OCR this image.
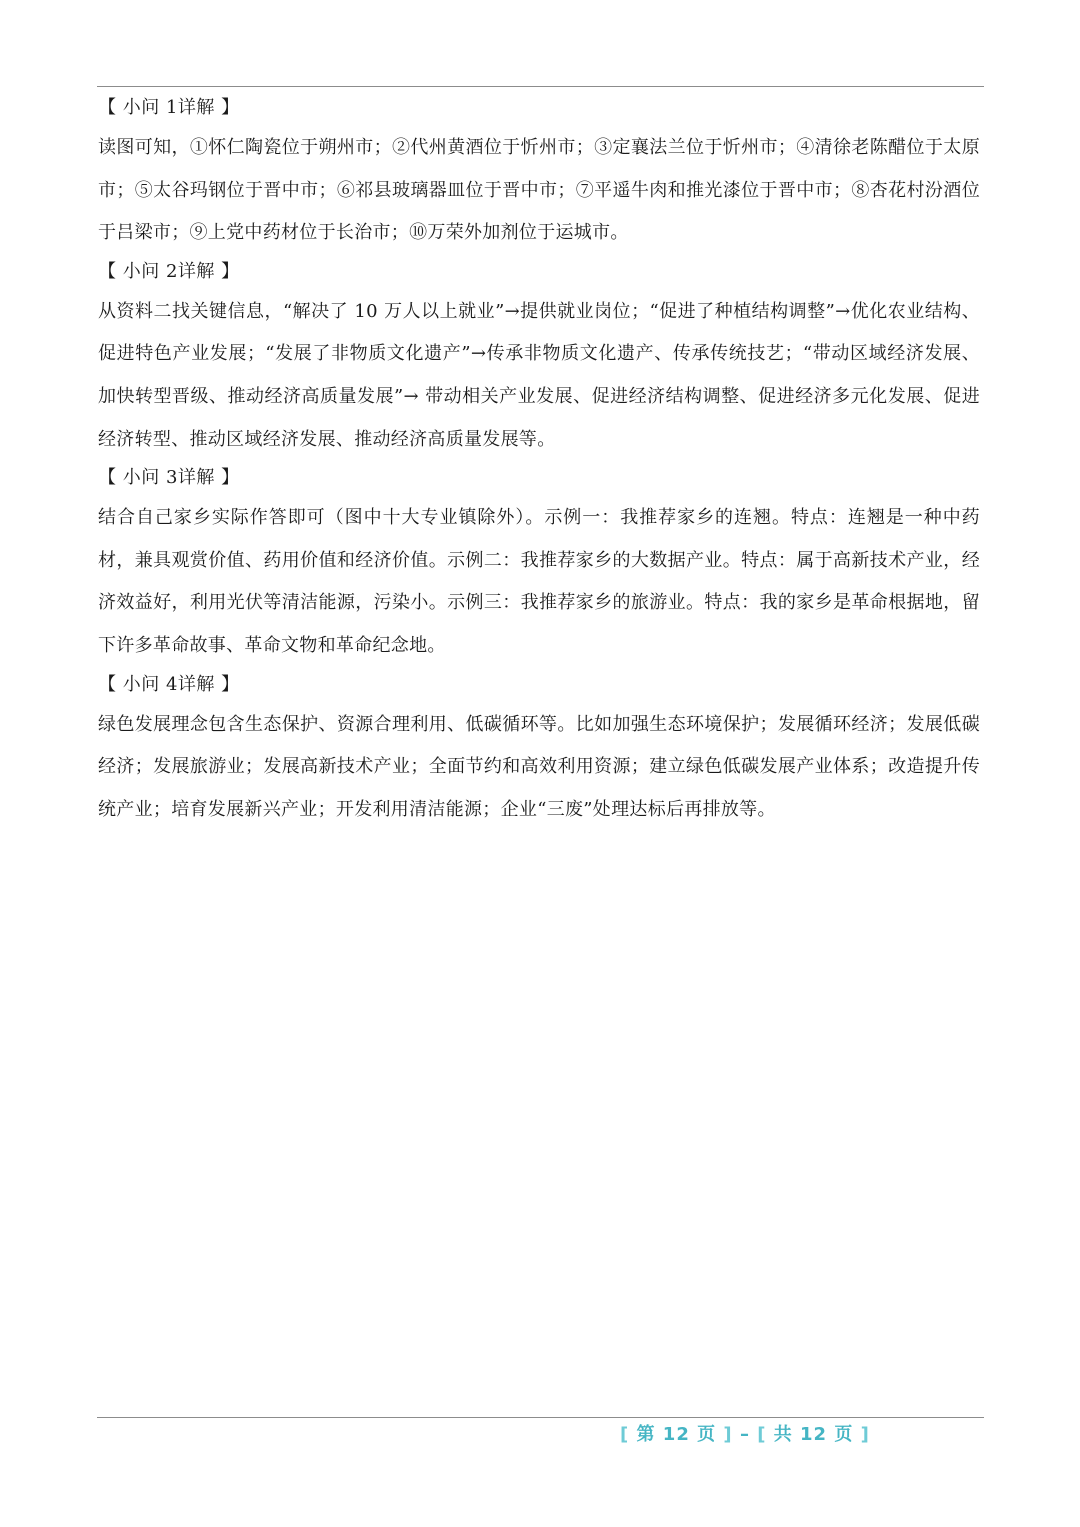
【 小问 1详解 】

读图可知，①怀仁陶瓷位于朔州市；②代州黄酒位于忻州市；③定襄法兰位于忻州市；④清徐老陈醋位于太原市；⑤太谷玛钢位于晋中市；⑥祁县玻璃器皿位于晋中市；⑦平遥牛肉和推光漆位于晋中市；⑧杏花村汾酒位于吕梁市；⑨上党中药材位于长治市；⑩万荣外加剂位于运城市。

【 小问 2详解 】

从资料二找关键信息，“解决了 10 万人以上就业”→提供就业岗位；“促进了种植结构调整”→优化农业结构、促进特色产业发展；“发展了非物质文化遗产”→传承非物质文化遗产、传承传统技艺；“带动区域经济发展、加快转型晋级、推动经济高质量发展”→ 带动相关产业发展、促进经济结构调整、促进经济多元化发展、促进经济转型、推动区域经济发展、推动经济高质量发展等。

【 小问 3详解 】

结合自己家乡实际作答即可（图中十大专业镇除外）。示例一：我推荐家乡的连翘。特点：连翘是一种中药材，兼具观赏价值、药用价值和经济价值。示例二：我推荐家乡的大数据产业。特点：属于高新技术产业，经济效益好，利用光伏等清洁能源，污染小。示例三：我推荐家乡的旅游业。特点：我的家乡是革命根据地，留下许多革命故事、革命文物和革命纪念地。

【 小问 4详解 】

绿色发展理念包含生态保护、资源合理利用、低碳循环等。比如加强生态环境保护；发展循环经济；发展低碳经济；发展旅游业；发展高新技术产业；全面节约和高效利用资源；建立绿色低碳发展产业体系；改造提升传统产业；培育发展新兴产业；开发利用清洁能源；企业“三废”处理达标后再排放等。

[ 第 12 页 ] – [ 共 12 页 ]
